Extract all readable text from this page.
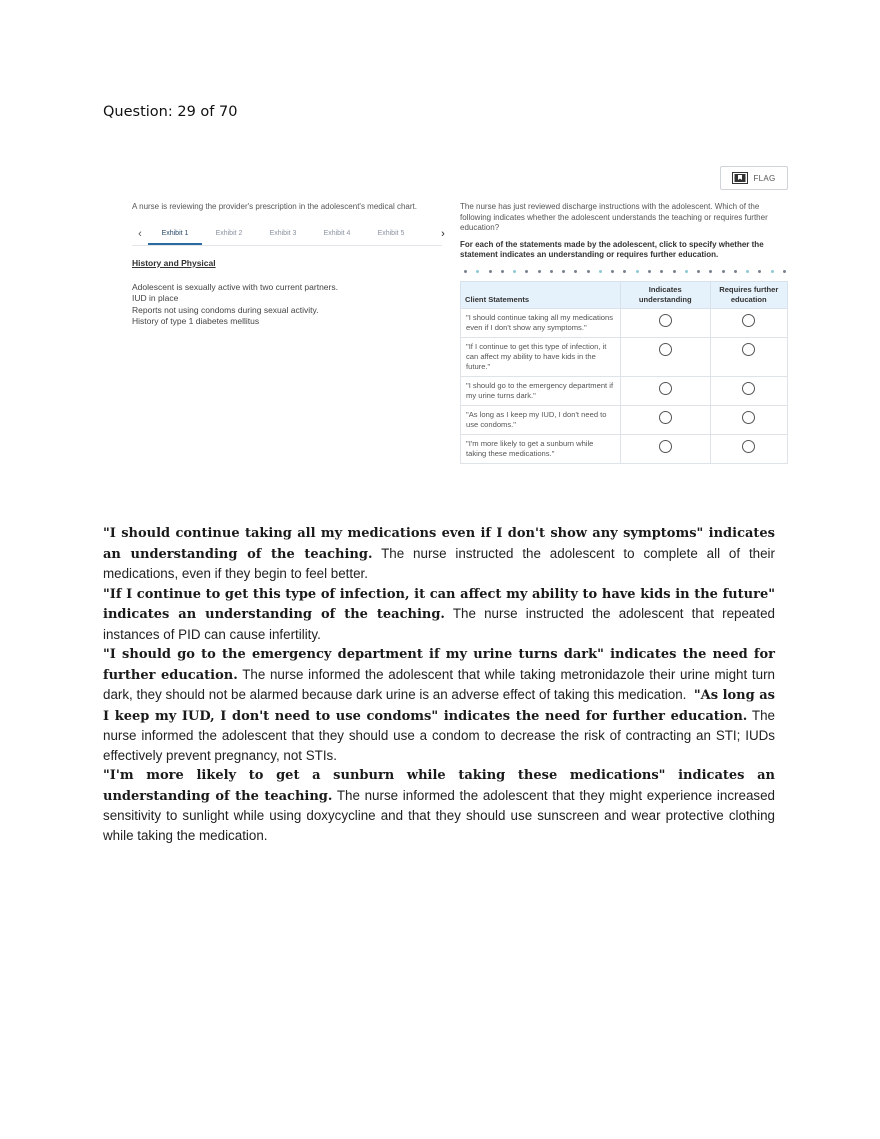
Question: 29 of 70
FLAG
A nurse is reviewing the provider's prescription in the adolescent's medical chart.
‹	Exhibit 1	Exhibit 2	Exhibit 3	Exhibit 4	Exhibit 5	›
History and Physical
Adolescent is sexually active with two current partners.
IUD in place
Reports not using condoms during sexual activity.
History of type 1 diabetes mellitus
The nurse has just reviewed discharge instructions with the adolescent. Which of the following indicates whether the adolescent understands the teaching or requires further education?
For each of the statements made by the adolescent, click to specify whether the statement indicates an understanding or requires further education.
Client Statements	Indicates understanding	Requires further education
"I should continue taking all my medications even if I don't show any symptoms."		
"If I continue to get this type of infection, it can affect my ability to have kids in the future."		
"I should go to the emergency department if my urine turns dark."		
"As long as I keep my IUD, I don't need to use condoms."		
"I'm more likely to get a sunburn while taking these medications."		

"I should continue taking all my medications even if I don't show any symptoms" indicates an understanding of the teaching. The nurse instructed the adolescent to complete all of their medications, even if they begin to feel better.

"If I continue to get this type of infection, it can affect my ability to have kids in the future" indicates an understanding of the teaching. The nurse instructed the adolescent that repeated instances of PID can cause infertility.

"I should go to the emergency department if my urine turns dark" indicates the need for further education. The nurse informed the adolescent that while taking metronidazole their urine might turn dark, they should not be alarmed because dark urine is an adverse effect of taking this medication. "As long as I keep my IUD, I don't need to use condoms" indicates the need for further education. The nurse informed the adolescent that they should use a condom to decrease the risk of contracting an STI; IUDs effectively prevent pregnancy, not STIs.

"I'm more likely to get a sunburn while taking these medications" indicates an understanding of the teaching. The nurse informed the adolescent that they might experience increased sensitivity to sunlight while using doxycycline and that they should use sunscreen and wear protective clothing while taking the medication.
